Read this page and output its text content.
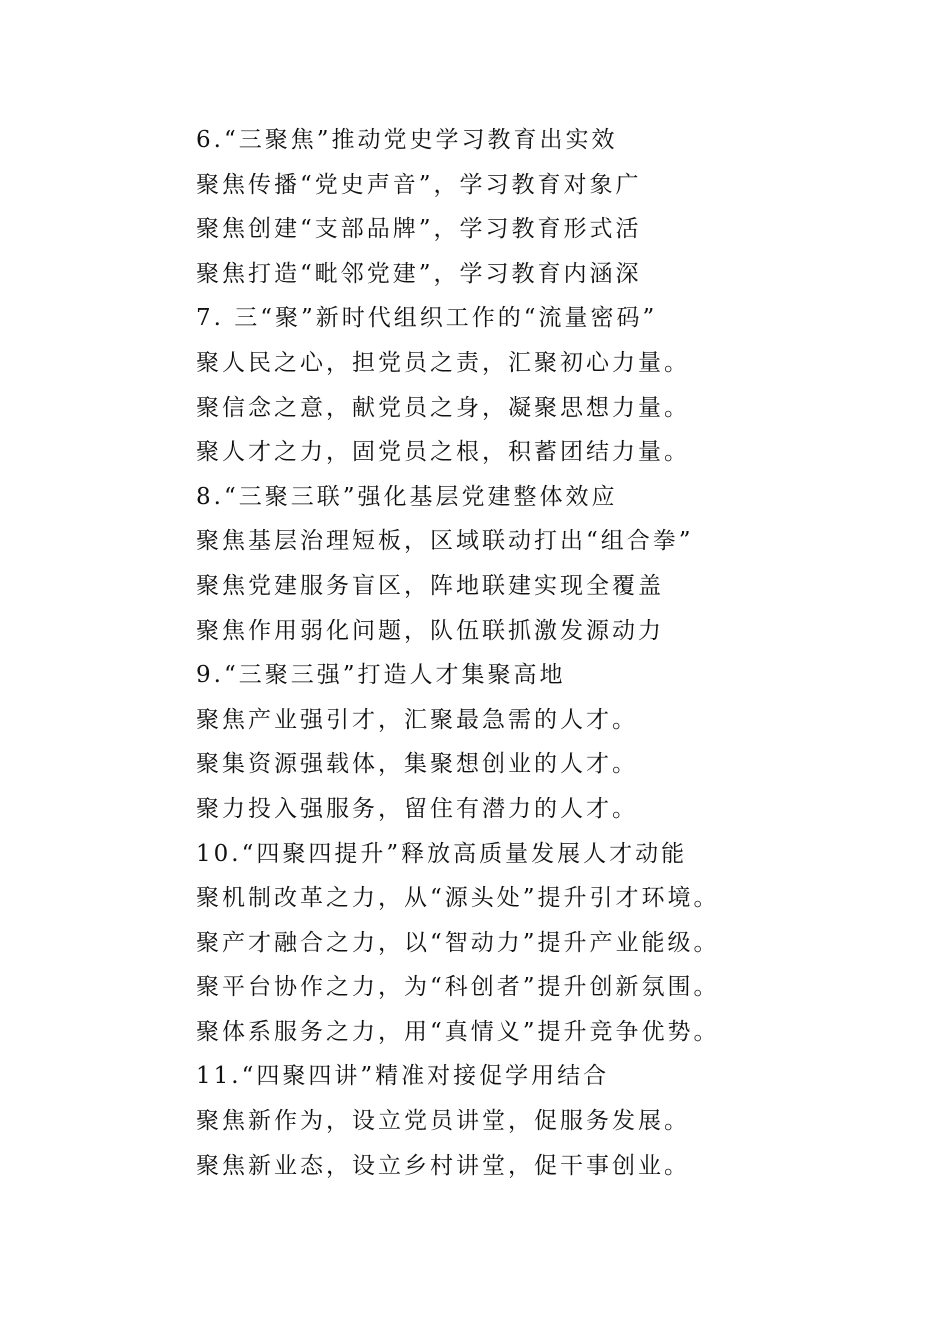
6.“三聚焦”推动党史学习教育出实效
聚焦传播“党史声音”，学习教育对象广
聚焦创建“支部品牌”，学习教育形式活
聚焦打造“毗邻党建”，学习教育内涵深
7. 三“聚”新时代组织工作的“流量密码”
聚人民之心，担党员之责，汇聚初心力量。
聚信念之意，献党员之身，凝聚思想力量。
聚人才之力，固党员之根，积蓄团结力量。
8.“三聚三联”强化基层党建整体效应
聚焦基层治理短板，区域联动打出“组合拳”
聚焦党建服务盲区，阵地联建实现全覆盖
聚焦作用弱化问题，队伍联抓激发源动力
9.“三聚三强”打造人才集聚高地
聚焦产业强引才，汇聚最急需的人才。
聚集资源强载体，集聚想创业的人才。
聚力投入强服务，留住有潜力的人才。
10.“四聚四提升”释放高质量发展人才动能
聚机制改革之力，从“源头处”提升引才环境。
聚产才融合之力，以“智动力”提升产业能级。
聚平台协作之力，为“科创者”提升创新氛围。
聚体系服务之力，用“真情义”提升竞争优势。
11.“四聚四讲”精准对接促学用结合
聚焦新作为，设立党员讲堂，促服务发展。
聚焦新业态，设立乡村讲堂，促干事创业。
